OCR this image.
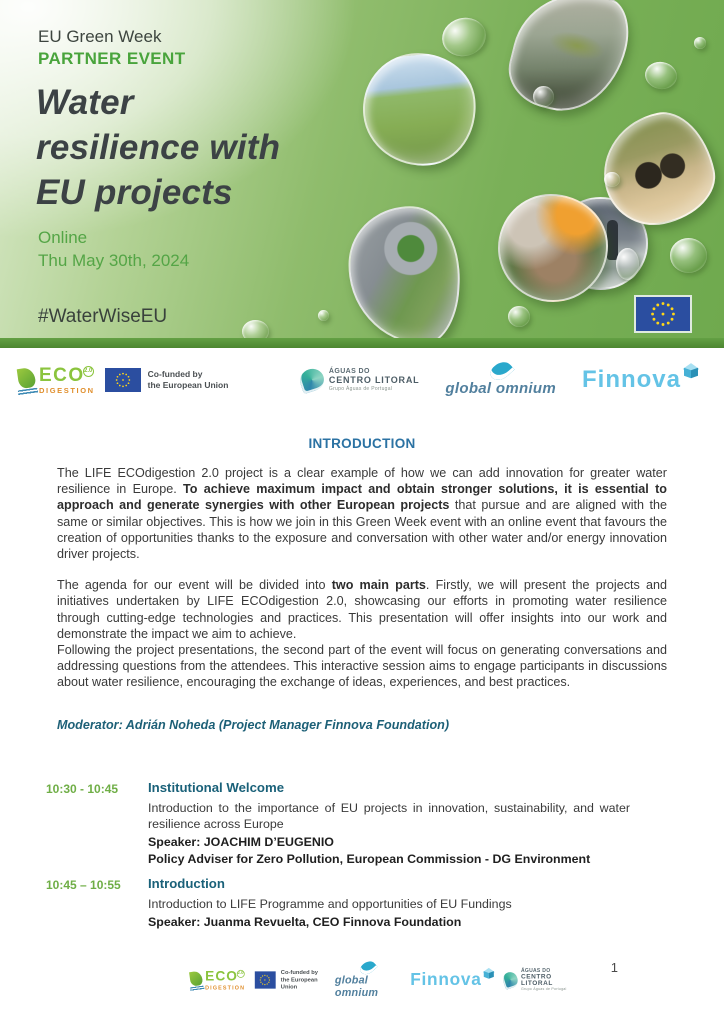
EU Green Week
PARTNER EVENT
Water
resilience with
EU projects
Online
Thu May 30th, 2024
#WaterWiseEU
ECO 2.0
DIGESTION
Co-funded by
the European Union
ÁGUAS DO
CENTRO LITORAL
Grupo Águas de Portugal	global omnium Finnova
INTRODUCTION

The LIFE ECOdigestion 2.0 project is a clear example of how we can add innovation for greater water resilience in Europe. To achieve maximum impact and obtain stronger solutions, it is essential to approach and generate synergies with other European projects that pursue and are aligned with the same or similar objectives. This is how we join in this Green Week event with an online event that favours the creation of opportunities thanks to the exposure and conversation with other water and/or energy innovation driver projects.

The agenda for our event will be divided into two main parts. Firstly, we will present the projects and initiatives undertaken by LIFE ECOdigestion 2.0, showcasing our efforts in promoting water resilience through cutting-edge technologies and practices. This presentation will offer insights into our work and demonstrate the impact we aim to achieve.

Following the project presentations, the second part of the event will focus on generating conversations and addressing questions from the attendees. This interactive session aims to engage participants in discussions about water resilience, encouraging the exchange of ideas, experiences, and best practices.

Moderator: Adrián Noheda (Project Manager Finnova Foundation)
10:30 - 10:45	Institutional Welcome
Introduction to the importance of EU projects in innovation, sustainability, and water resilience across Europe
Speaker: JOACHIM D’EUGENIO
Policy Adviser for Zero Pollution, European Commission - DG Environment
10:45 – 10:55	Introduction
Introduction to LIFE Programme and opportunities of EU Fundings
Speaker: Juanma Revuelta, CEO Finnova Foundation
ECO 2.0
DIGESTION
Co-funded by
the European Union
global omnium
Finnova	ÁGUAS DO
CENTRO LITORAL
Grupo Águas de Portugal
1
